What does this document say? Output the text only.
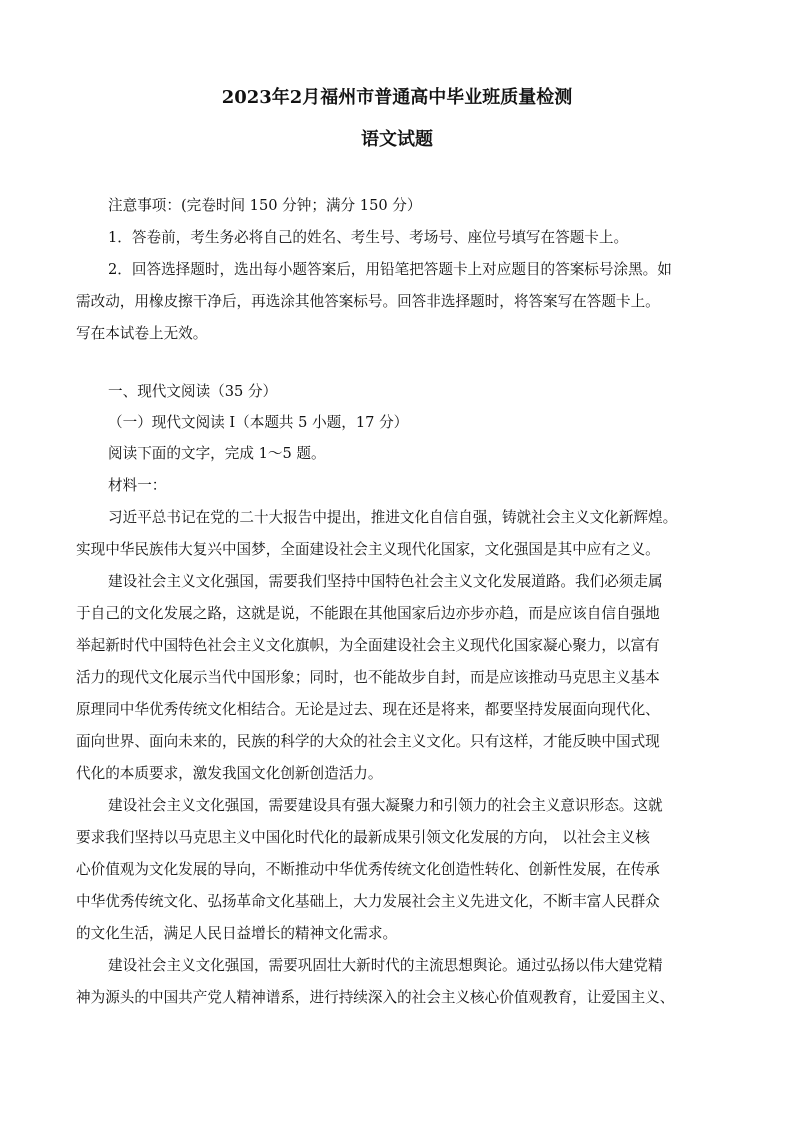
2023年2月福州市普通高中毕业班质量检测
语文试题
注意事项：(完卷时间 150 分钟；满分 150 分）
1．答卷前，考生务必将自己的姓名、考生号、考场号、座位号填写在答题卡上。
2．回答选择题时，选出每小题答案后，用铅笔把答题卡上对应题目的答案标号涂黑。如
需改动，用橡皮擦干净后，再选涂其他答案标号。回答非选择题时，将答案写在答题卡上。
写在本试卷上无效。
一、现代文阅读（35 分）
（一）现代文阅读 I（本题共 5 小题，17 分）
阅读下面的文字，完成 1～5 题。
材料一：
习近平总书记在党的二十大报告中提出，推进文化自信自强，铸就社会主义文化新辉煌。
实现中华民族伟大复兴中国梦，全面建设社会主义现代化国家，文化强国是其中应有之义。
建设社会主义文化强国，需要我们坚持中国特色社会主义文化发展道路。我们必须走属
于自己的文化发展之路，这就是说，不能跟在其他国家后边亦步亦趋，而是应该自信自强地
举起新时代中国特色社会主义文化旗帜，为全面建设社会主义现代化国家凝心聚力，以富有
活力的现代文化展示当代中国形象；同时，也不能故步自封，而是应该推动马克思主义基本
原理同中华优秀传统文化相结合。无论是过去、现在还是将来，都要坚持发展面向现代化、
面向世界、面向未来的，民族的科学的大众的社会主义文化。只有这样，才能反映中国式现
代化的本质要求，激发我国文化创新创造活力。
建设社会主义文化强国，需要建设具有强大凝聚力和引领力的社会主义意识形态。这就
要求我们坚持以马克思主义中国化时代化的最新成果引领文化发展的方向， 以社会主义核
心价值观为文化发展的导向，不断推动中华优秀传统文化创造性转化、创新性发展，在传承
中华优秀传统文化、弘扬革命文化基础上，大力发展社会主义先进文化，不断丰富人民群众
的文化生活，满足人民日益增长的精神文化需求。
建设社会主义文化强国，需要巩固壮大新时代的主流思想舆论。通过弘扬以伟大建党精
神为源头的中国共产党人精神谱系，进行持续深入的社会主义核心价值观教育，让爱国主义、
